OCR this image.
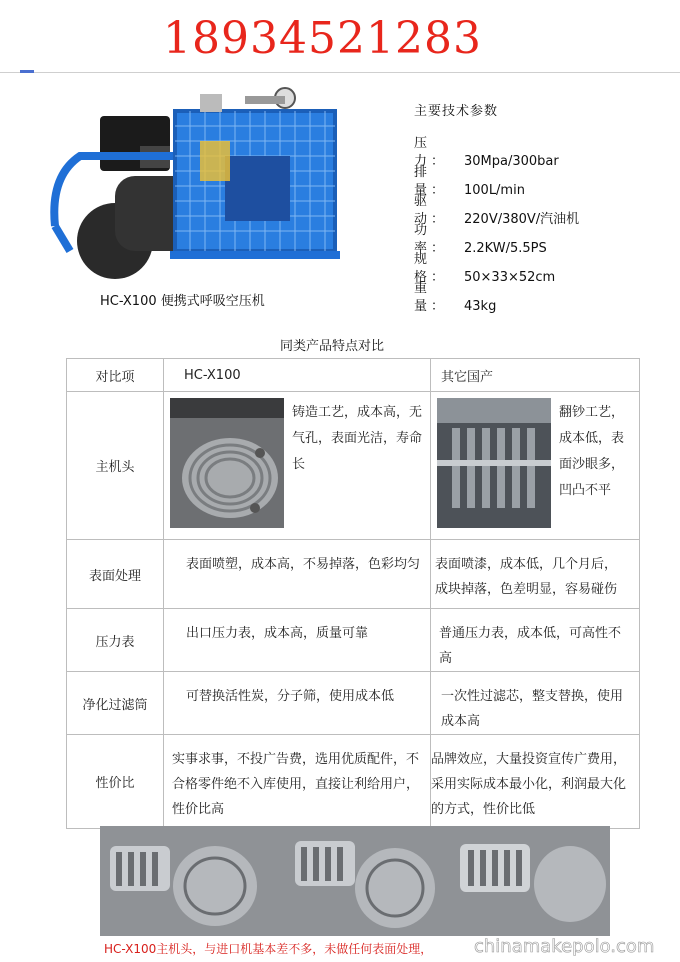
18934521283
HC-X100 便携式呼吸空压机
主要技术参数
压力： 30Mpa/300bar
排量： 100L/min
驱动： 220V/380V/汽油机
功率： 2.2KW/5.5PS
规格： 50×33×52cm
重量： 43kg
同类产品特点对比
对比项	HC-X100	其它国产
主机头	铸造工艺，成本高，无气孔，表面光洁，寿命长	翻钞工艺，成本低，表面沙眼多，凹凸不平

表面处理	表面喷塑，成本高，不易掉落，色彩均匀	表面喷漆，成本低，几个月后，成块掉落，色差明显，容易碰伤

压力表	出口压力表，成本高，质量可靠	普通压力表，成本低，可高性不高

净化过滤筒	可替换活性炭，分子筛，使用成本低	一次性过滤芯，整支替换，使用成本高

性价比	实事求事，不投广告费，选用优质配件，不合格零件绝不入库使用，直接让利给用户，性价比高	品牌效应，大量投资宣传广费用，采用实际成本最小化，利润最大化的方式，性价比低
HC-X100主机头，与进口机基本差不多，未做任何表面处理， chinamakepolo.com
